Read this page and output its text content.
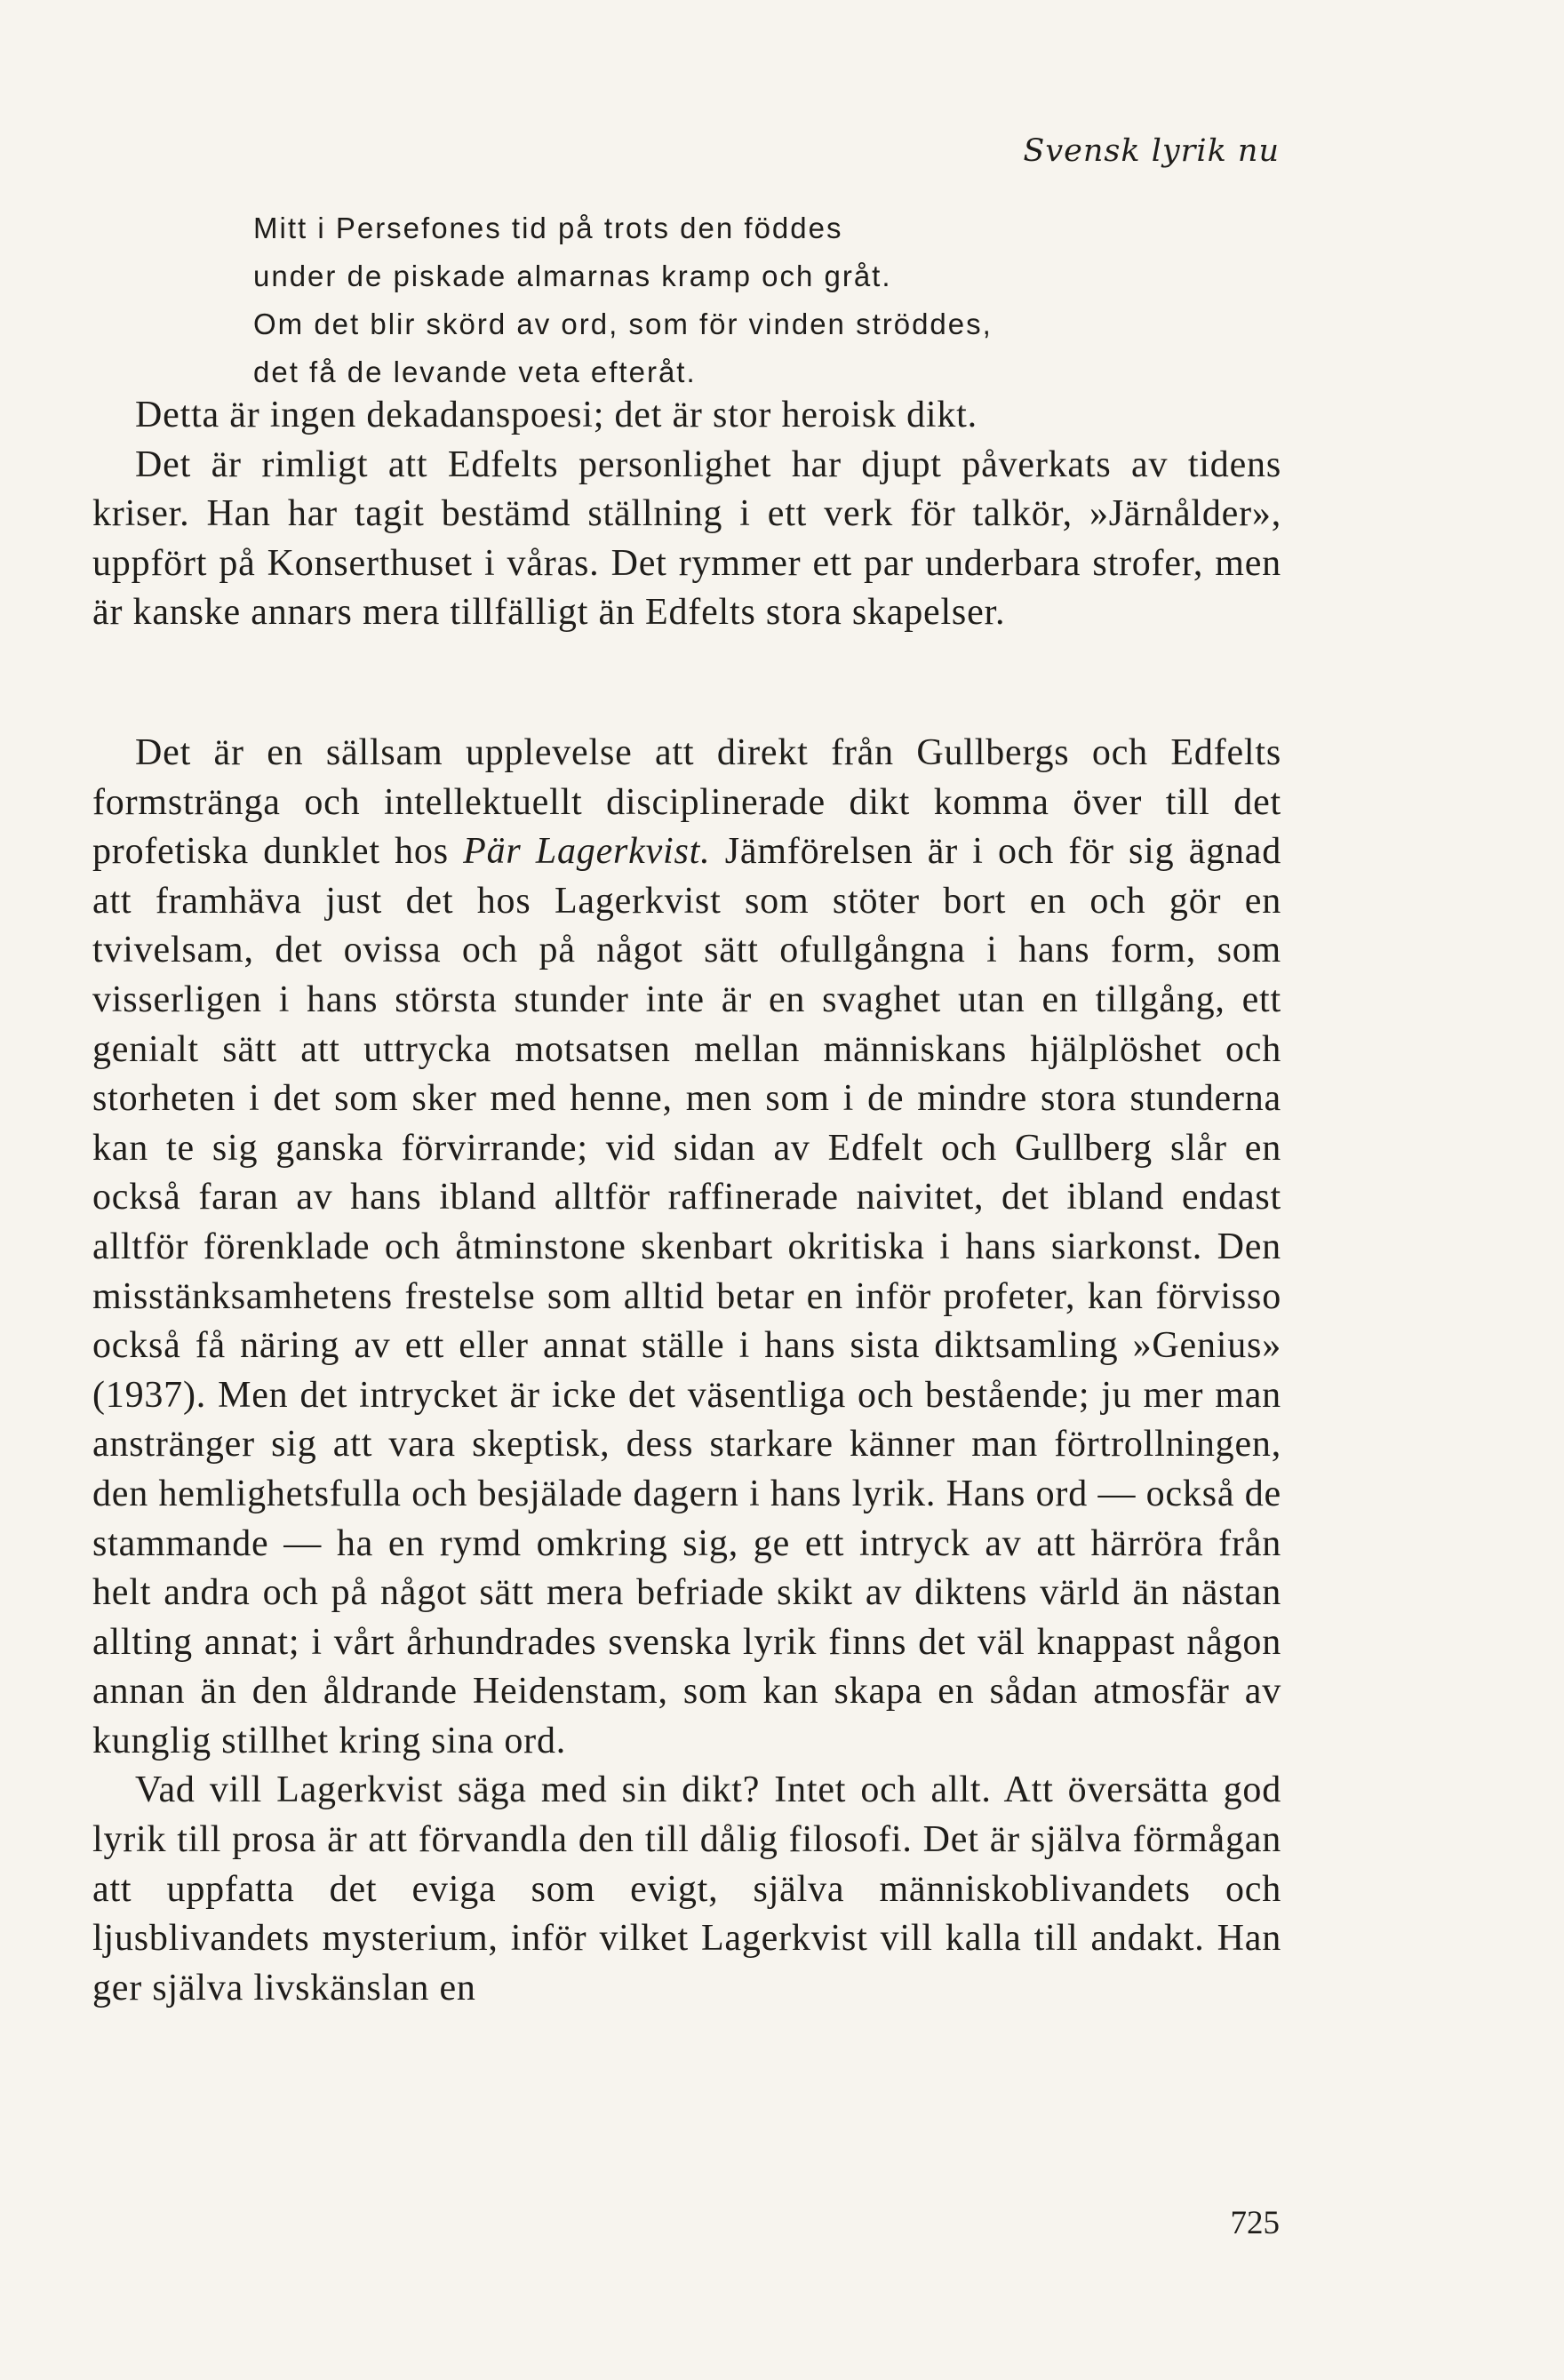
Svensk lyrik nu

Mitt i Persefones tid på trots den föddes
under de piskade almarnas kramp och gråt.
Om det blir skörd av ord, som för vinden ströddes,
det få de levande veta efteråt.

Detta är ingen dekadanspoesi; det är stor heroisk dikt.

Det är rimligt att Edfelts personlighet har djupt påverkats av tidens kriser. Han har tagit bestämd ställning i ett verk för talkör, »Järnålder», uppfört på Konserthuset i våras. Det rymmer ett par underbara strofer, men är kanske annars mera tillfälligt än Edfelts stora skapelser.

Det är en sällsam upplevelse att direkt från Gullbergs och Edfelts formstränga och intellektuellt disciplinerade dikt komma över till det profetiska dunklet hos Pär Lagerkvist. Jämförelsen är i och för sig ägnad att framhäva just det hos Lagerkvist som stöter bort en och gör en tvivelsam, det ovissa och på något sätt ofullgångna i hans form, som visserligen i hans största stunder inte är en svaghet utan en tillgång, ett genialt sätt att uttrycka motsatsen mellan människans hjälplöshet och storheten i det som sker med henne, men som i de mindre stora stunderna kan te sig ganska förvirrande; vid sidan av Edfelt och Gullberg slår en också faran av hans ibland alltför raffinerade naivitet, det ibland endast alltför förenklade och åtminstone skenbart okritiska i hans siarkonst. Den misstänksamhetens frestelse som alltid betar en inför profeter, kan förvisso också få näring av ett eller annat ställe i hans sista diktsamling »Genius» (1937). Men det intrycket är icke det väsentliga och bestående; ju mer man anstränger sig att vara skeptisk, dess starkare känner man förtrollningen, den hemlighetsfulla och besjälade dagern i hans lyrik. Hans ord — också de stammande — ha en rymd omkring sig, ge ett intryck av att härröra från helt andra och på något sätt mera befriade skikt av diktens värld än nästan allting annat; i vårt århundrades svenska lyrik finns det väl knappast någon annan än den åldrande Heidenstam, som kan skapa en sådan atmosfär av kunglig stillhet kring sina ord.

Vad vill Lagerkvist säga med sin dikt? Intet och allt. Att översätta god lyrik till prosa är att förvandla den till dålig filosofi. Det är själva förmågan att uppfatta det eviga som evigt, själva människoblivandets och ljusblivandets mysterium, inför vilket Lagerkvist vill kalla till andakt. Han ger själva livskänslan en

725
